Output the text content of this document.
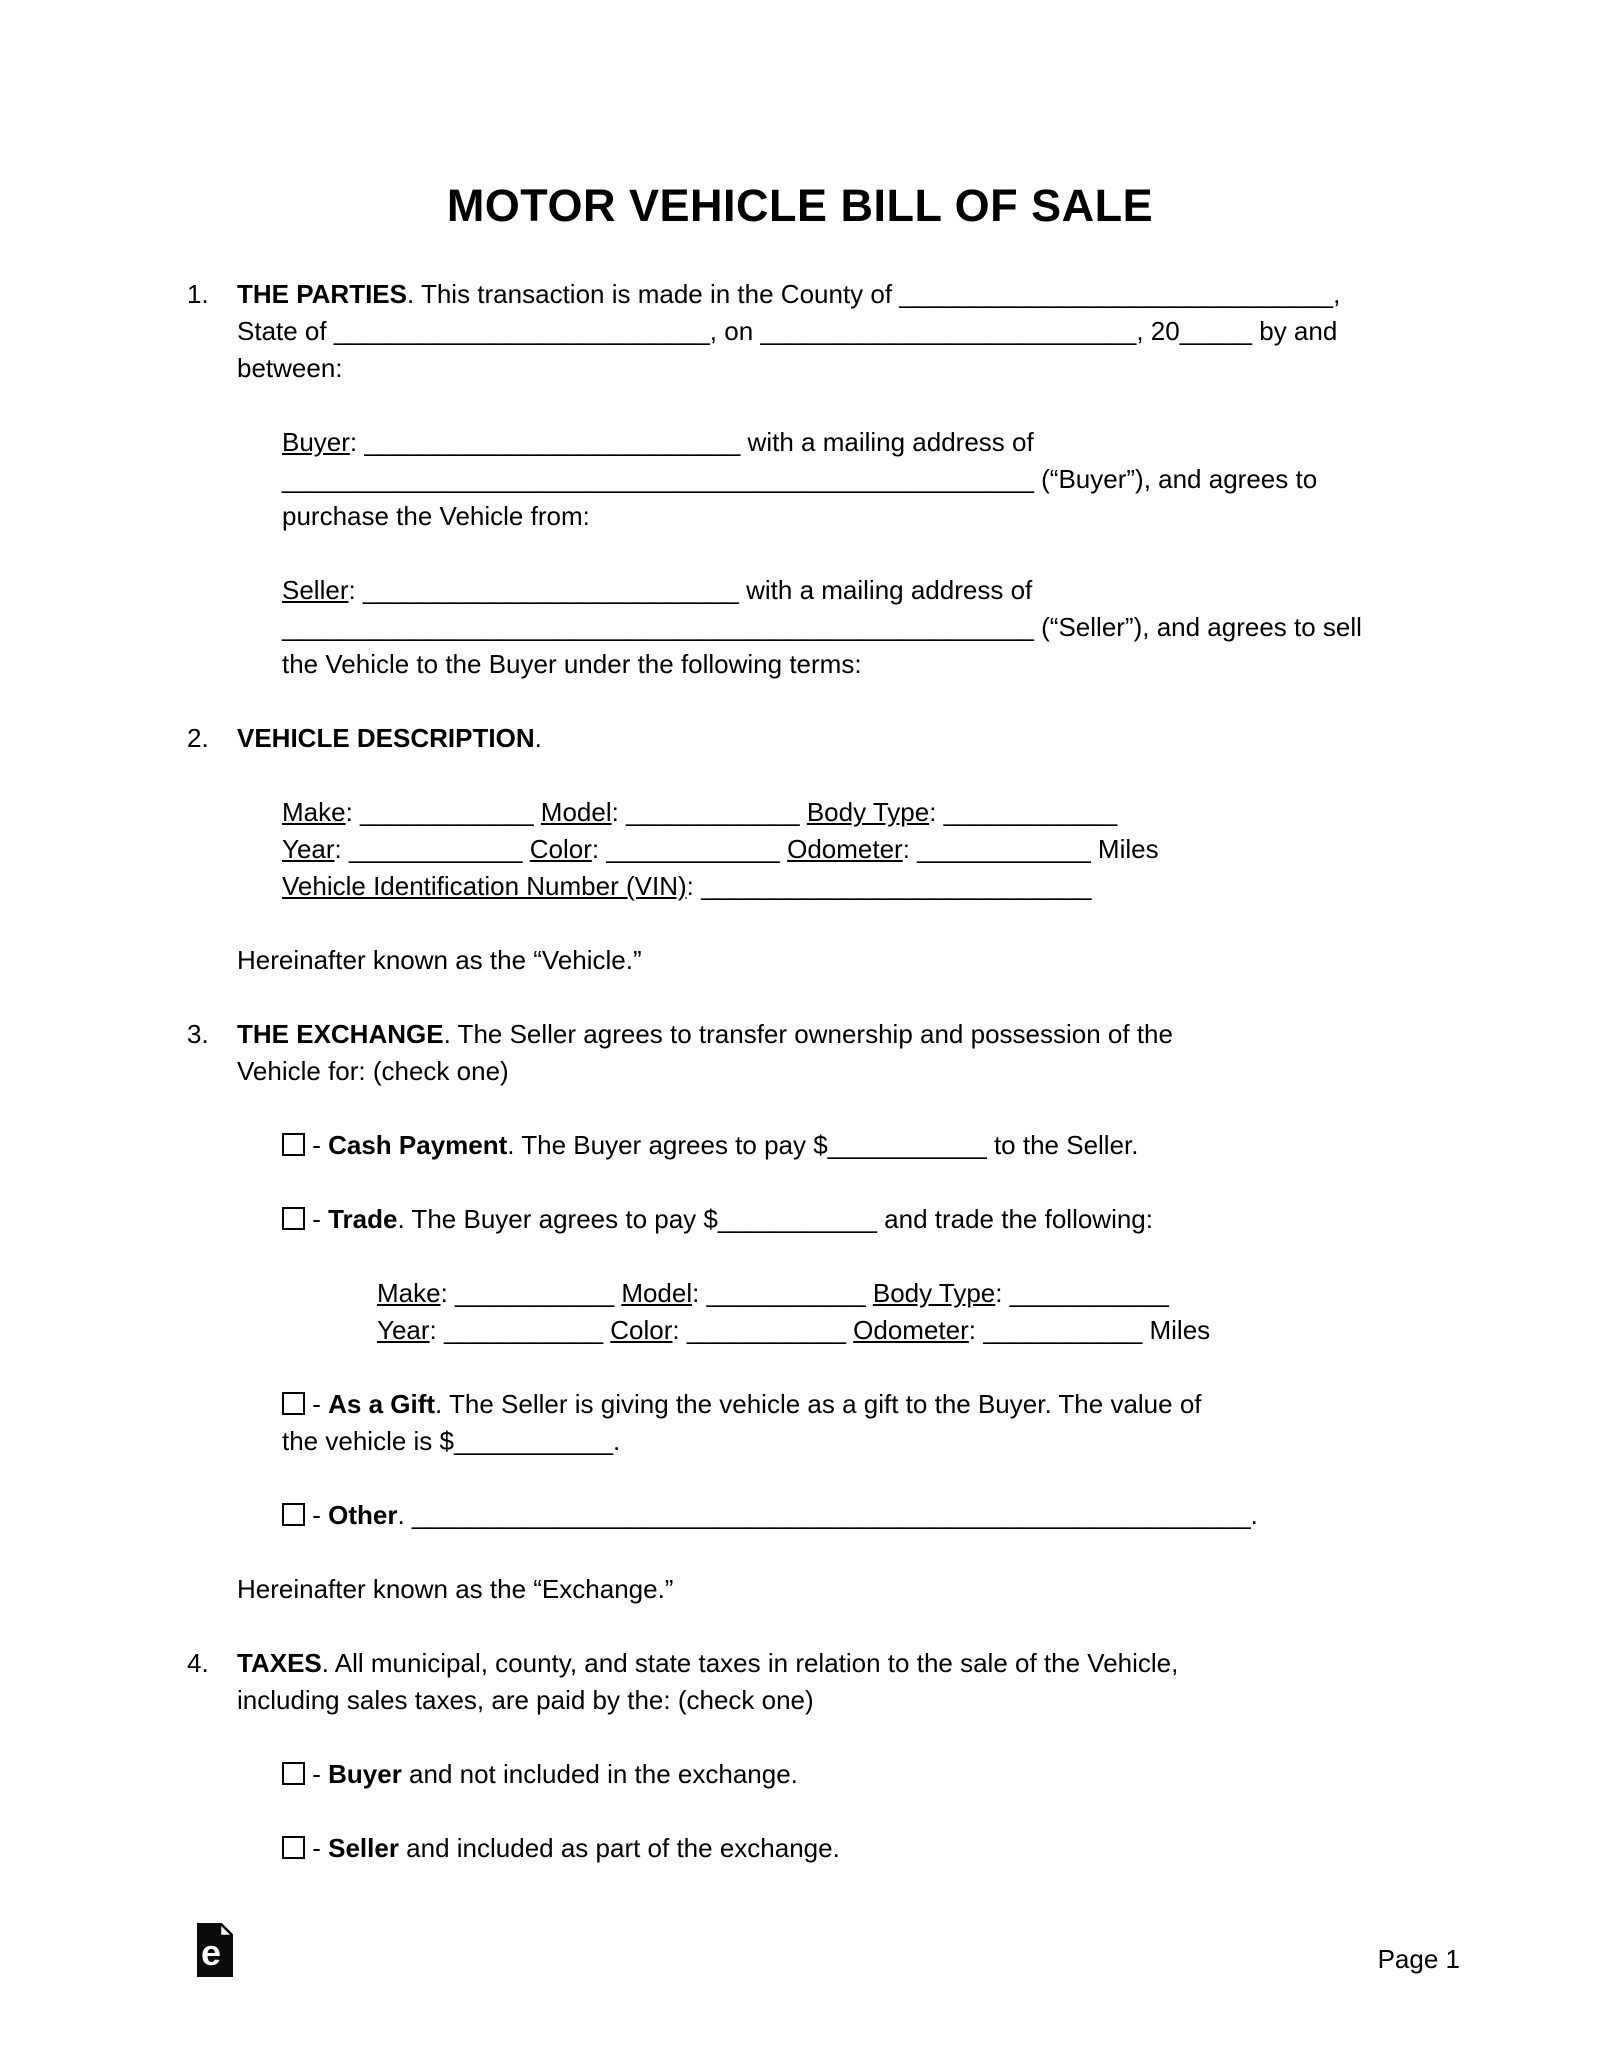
MOTOR VEHICLE BILL OF SALE

1. THE PARTIES. This transaction is made in the County of ______________________________,
State of __________________________, on __________________________, 20_____ by and
between:

Buyer: __________________________ with a mailing address of
____________________________________________________ (“Buyer”), and agrees to
purchase the Vehicle from:

Seller: __________________________ with a mailing address of
____________________________________________________ (“Seller”), and agrees to sell
the Vehicle to the Buyer under the following terms:

2. VEHICLE DESCRIPTION.

Make: ____________ Model: ____________ Body Type: ____________
Year: ____________ Color: ____________ Odometer: ____________ Miles
Vehicle Identification Number (VIN): ___________________________

Hereinafter known as the “Vehicle.”

3. THE EXCHANGE. The Seller agrees to transfer ownership and possession of the
Vehicle for: (check one)

- Cash Payment. The Buyer agrees to pay $___________ to the Seller.

- Trade. The Buyer agrees to pay $___________ and trade the following:

Make: ___________ Model: ___________ Body Type: ___________
Year: ___________ Color: ___________ Odometer: ___________ Miles

- As a Gift. The Seller is giving the vehicle as a gift to the Buyer. The value of
the vehicle is $___________.

- Other. __________________________________________________________.

Hereinafter known as the “Exchange.”

4. TAXES. All municipal, county, and state taxes in relation to the sale of the Vehicle,
including sales taxes, are paid by the: (check one)

- Buyer and not included in the exchange.

- Seller and included as part of the exchange.

e	Page 1
